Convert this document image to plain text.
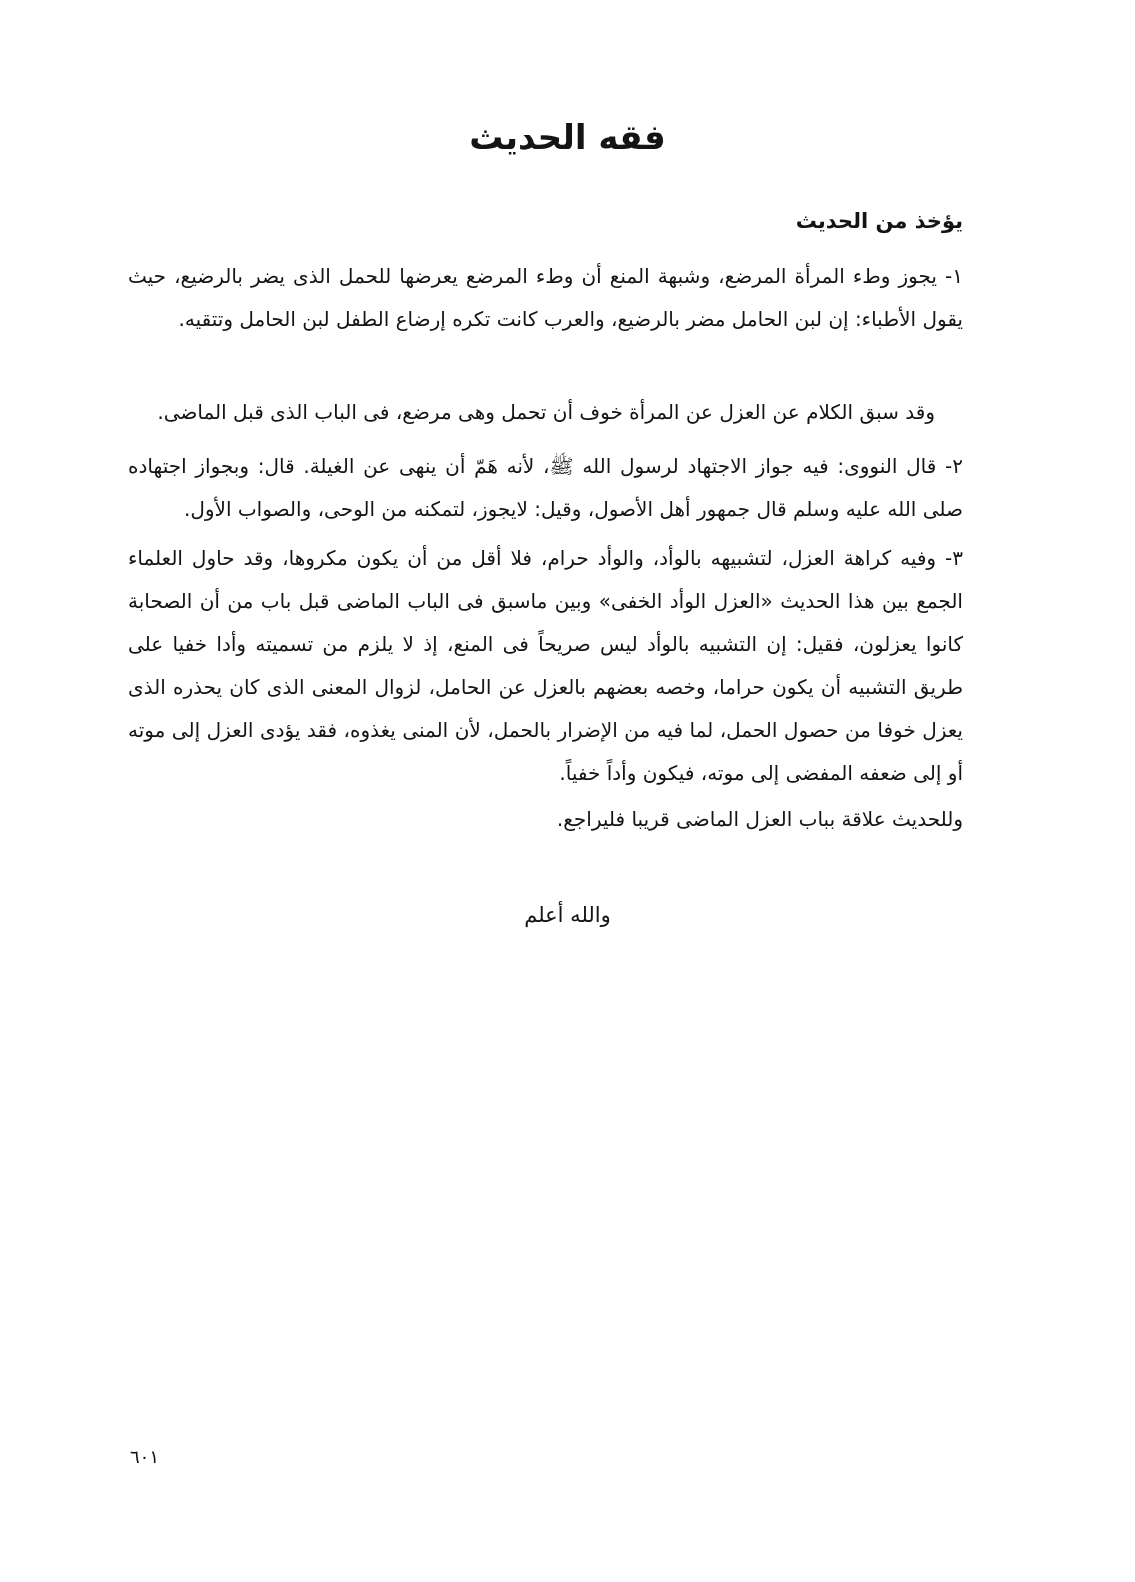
فقه الحديث
يؤخذ من الحديث
١- يجوز وطء المرأة المرضع، وشبهة المنع أن وطء المرضع يعرضها للحمل الذى يضر بالرضيع، حيث يقول الأطباء: إن لبن الحامل مضر بالرضيع، والعرب كانت تكره إرضاع الطفل لبن الحامل وتتقيه.
وقد سبق الكلام عن العزل عن المرأة خوف أن تحمل وهى مرضع، فى الباب الذى قبل الماضى.
٢- قال النووى: فيه جواز الاجتهاد لرسول الله ﷺ، لأنه هَمّ أن ينهى عن الغيلة. قال: وبجواز اجتهاده صلى الله عليه وسلم قال جمهور أهل الأصول، وقيل: لايجوز، لتمكنه من الوحى، والصواب الأول.
٣- وفيه كراهة العزل، لتشبيهه بالوأد، والوأد حرام، فلا أقل من أن يكون مكروها، وقد حاول العلماء الجمع بين هذا الحديث «العزل الوأد الخفى» وبين ماسبق فى الباب الماضى قبل باب من أن الصحابة كانوا يعزلون، فقيل: إن التشبيه بالوأد ليس صريحاً فى المنع، إذ لا يلزم من تسميته وأدا خفيا على طريق التشبيه أن يكون حراما، وخصه بعضهم بالعزل عن الحامل، لزوال المعنى الذى كان يحذره الذى يعزل خوفا من حصول الحمل، لما فيه من الإضرار بالحمل، لأن المنى يغذوه، فقد يؤدى العزل إلى موته أو إلى ضعفه المفضى إلى موته، فيكون وأداً خفياً.
وللحديث علاقة بباب العزل الماضى قريبا فليراجع.
والله أعلم
٦٠١
